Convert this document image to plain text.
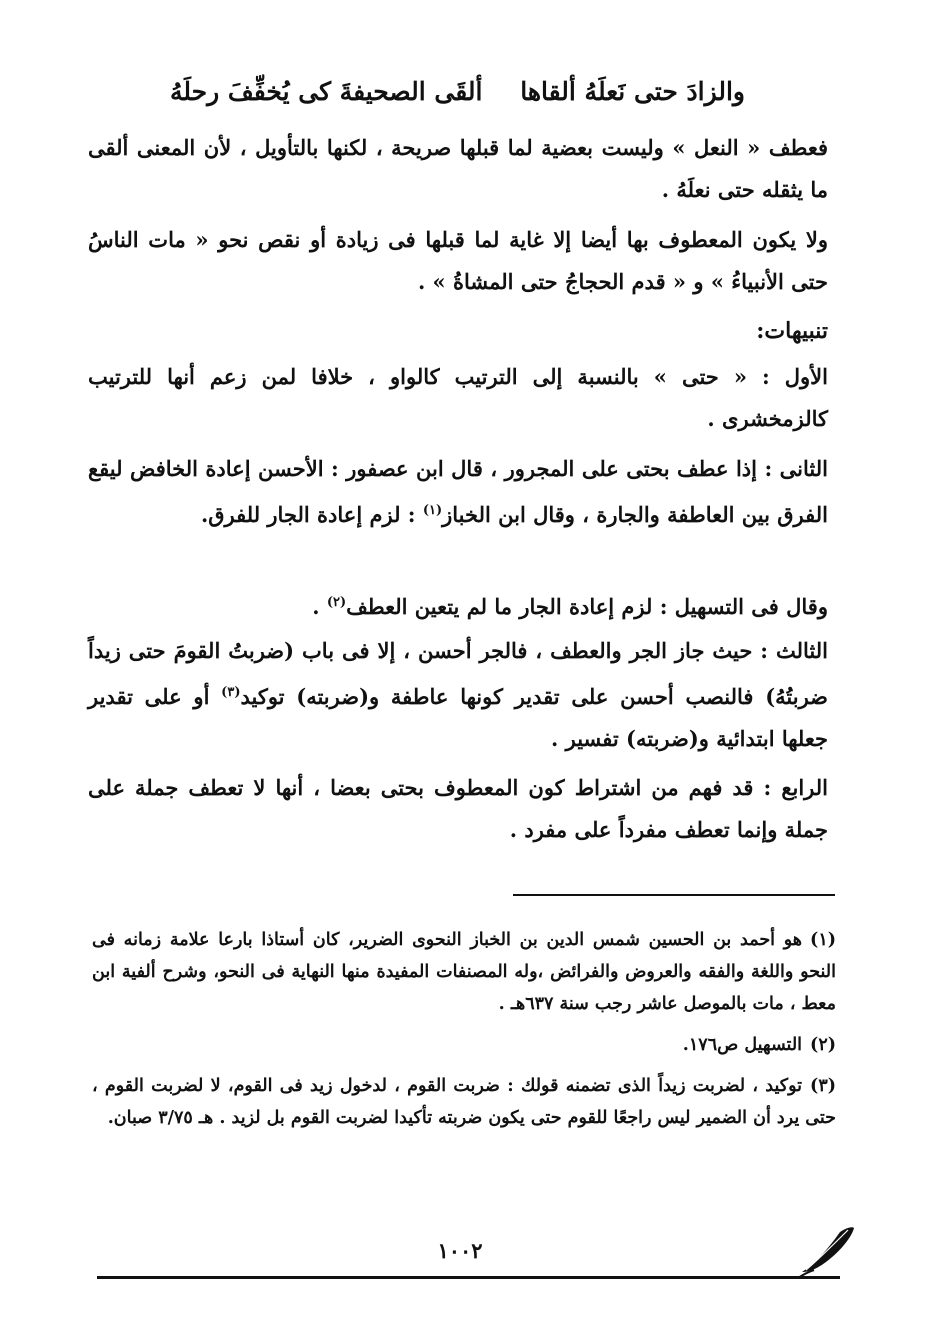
ألقَى الصحيفةَ كى يُخفِّفَ رحلَهُ والزادَ حتى نَعلَهُ ألقاها

فعطف « النعل » وليست بعضية لما قبلها صريحة ، لكنها بالتأويل ، لأن المعنى ألقى ما يثقله حتى نعلَهُ .

ولا يكون المعطوف بها أيضا إلا غاية لما قبلها فى زيادة أو نقص نحو « مات الناسُ حتى الأنبياءُ » و « قدم الحجاجُ حتى المشاةُ » .

تنبيهات:

الأول : « حتى » بالنسبة إلى الترتيب كالواو ، خلافا لمن زعم أنها للترتيب كالزمخشرى .

الثانى : إذا عطف بحتى على المجرور ، قال ابن عصفور : الأحسن إعادة الخافض ليقع الفرق بين العاطفة والجارة ، وقال ابن الخباز$^{(١)}$ : لزم إعادة الجار للفرق.

وقال فى التسهيل : لزم إعادة الجار ما لم يتعين العطف$^{(٢)}$ .

الثالث : حيث جاز الجر والعطف ، فالجر أحسن ، إلا فى باب (ضربتُ القومَ حتى زيداً ضربتُهُ) فالنصب أحسن على تقدير كونها عاطفة و(ضربته) توكيد$^{(٣)}$ أو على تقدير جعلها ابتدائية و(ضربته) تفسير .

الرابع : قد فهم من اشتراط كون المعطوف بحتى بعضا ، أنها لا تعطف جملة على جملة وإنما تعطف مفرداً على مفرد .

(١)هو أحمد بن الحسين شمس الدين بن الخباز النحوى الضرير، كان أستاذا بارعا علامة زمانه فى النحو واللغة والفقه والعروض والفرائض ،وله المصنفات المفيدة منها النهاية فى النحو، وشرح ألفية ابن معط ، مات بالموصل عاشر رجب سنة ٦٣٧هـ .

(٢)التسهيل ص١٧٦.

(٣)توكيد ، لضربت زيداً الذى تضمنه قولك : ضربت القوم ، لدخول زيد فى القوم، لا لضربت القوم ، حتى يرد أن الضمير ليس راجعًا للقوم حتى يكون ضربته تأكيدا لضربت القوم بل لزيد . هـ ٣/٧٥ صبان.

١٠٠٢
